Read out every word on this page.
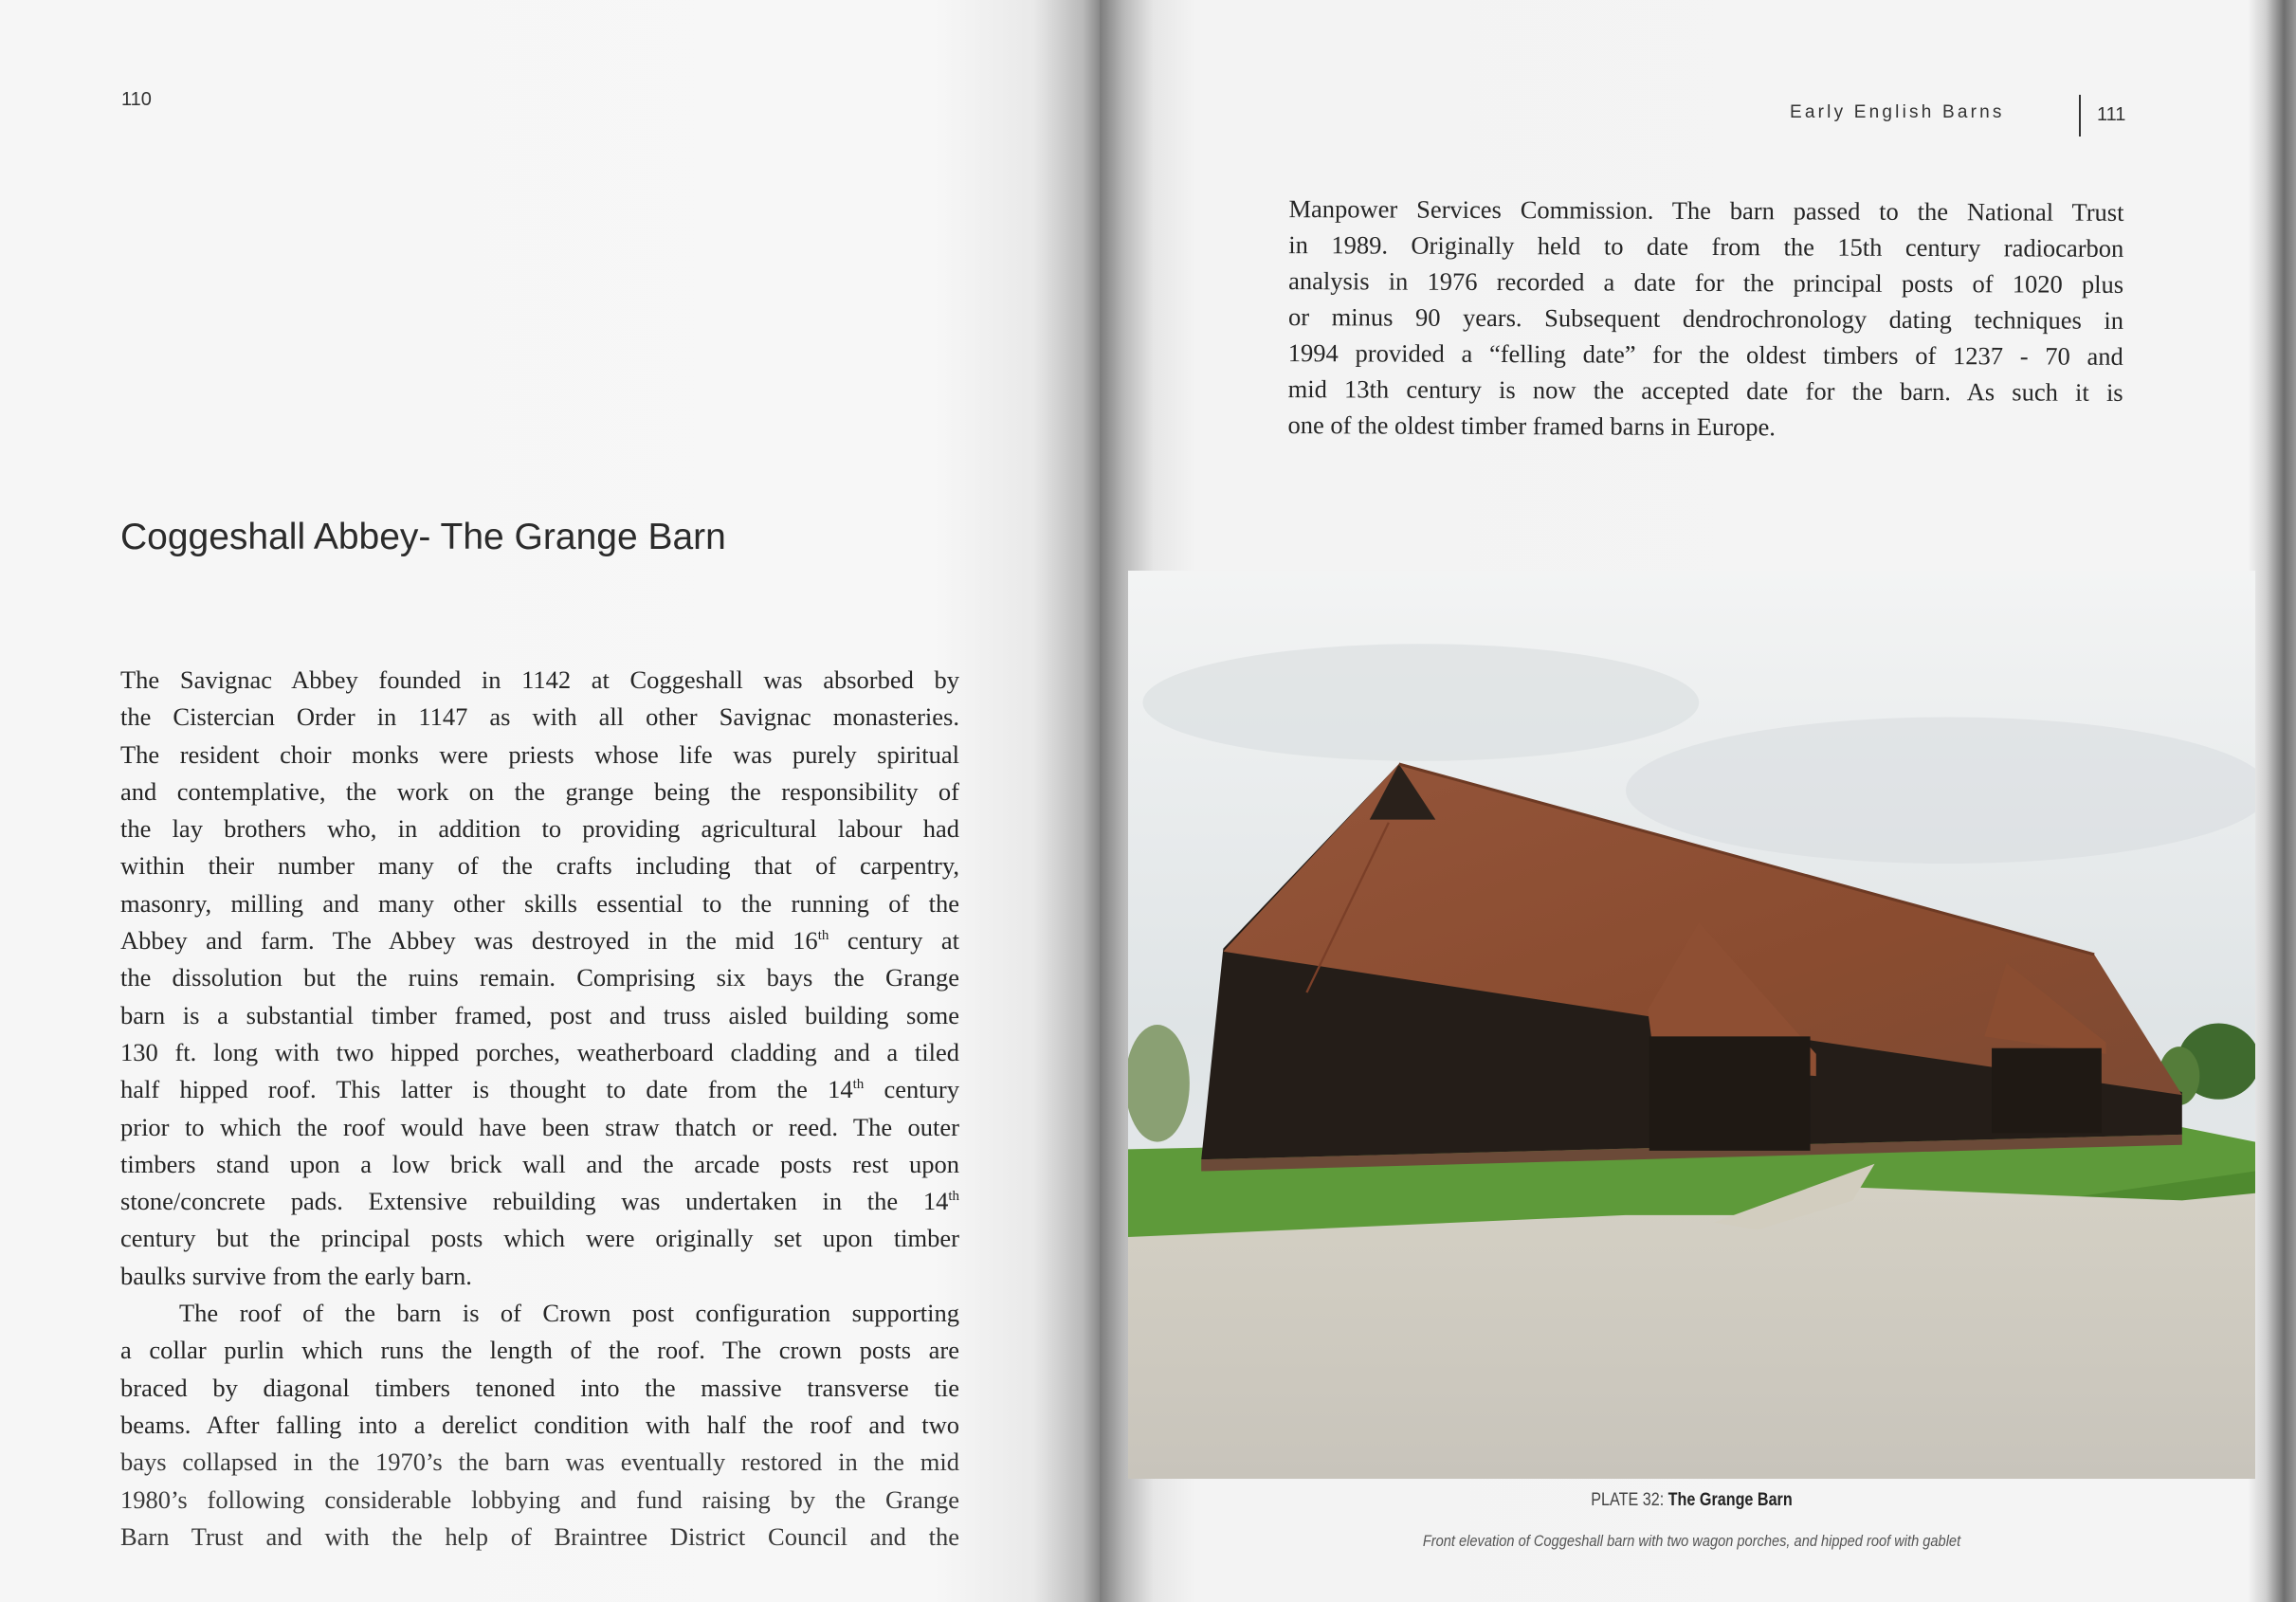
110
Coggeshall Abbey- The Grange Barn
The Savignac Abbey founded in 1142 at Coggeshall was absorbed by
the Cistercian Order in 1147 as with all other Savignac monasteries.
The resident choir monks were priests whose life was purely spiritual
and contemplative, the work on the grange being the responsibility of
the lay brothers who, in addition to providing agricultural labour had
within their number many of the crafts including that of carpentry,
masonry, milling and many other skills essential to the running of the
Abbey and farm. The Abbey was destroyed in the mid 16th century at
the dissolution but the ruins remain. Comprising six bays the Grange
barn is a substantial timber framed, post and truss aisled building some
130 ft. long with two hipped porches, weatherboard cladding and a tiled
half hipped roof. This latter is thought to date from the 14th century
prior to which the roof would have been straw thatch or reed. The outer
timbers stand upon a low brick wall and the arcade posts rest upon
stone/concrete pads. Extensive rebuilding was undertaken in the 14th
century but the principal posts which were originally set upon timber
baulks survive from the early barn.
The roof of the barn is of Crown post configuration supporting
a collar purlin which runs the length of the roof. The crown posts are
braced by diagonal timbers tenoned into the massive transverse tie
beams. After falling into a derelict condition with half the roof and two
bays collapsed in the 1970’s the barn was eventually restored in the mid
1980’s following considerable lobbying and fund raising by the Grange
Barn Trust and with the help of Braintree District Council and the
Early English Barns	111
Manpower Services Commission. The barn passed to the National Trust
in 1989. Originally held to date from the 15th century radiocarbon
analysis in 1976 recorded a date for the principal posts of 1020 plus
or minus 90 years. Subsequent dendrochronology dating techniques in
1994 provided a “felling date” for the oldest timbers of 1237 - 70 and
mid 13th century is now the accepted date for the barn. As such it is
one of the oldest timber framed barns in Europe.
PLATE 32: The Grange Barn
Front elevation of Coggeshall barn with two wagon porches, and hipped roof with gablet
